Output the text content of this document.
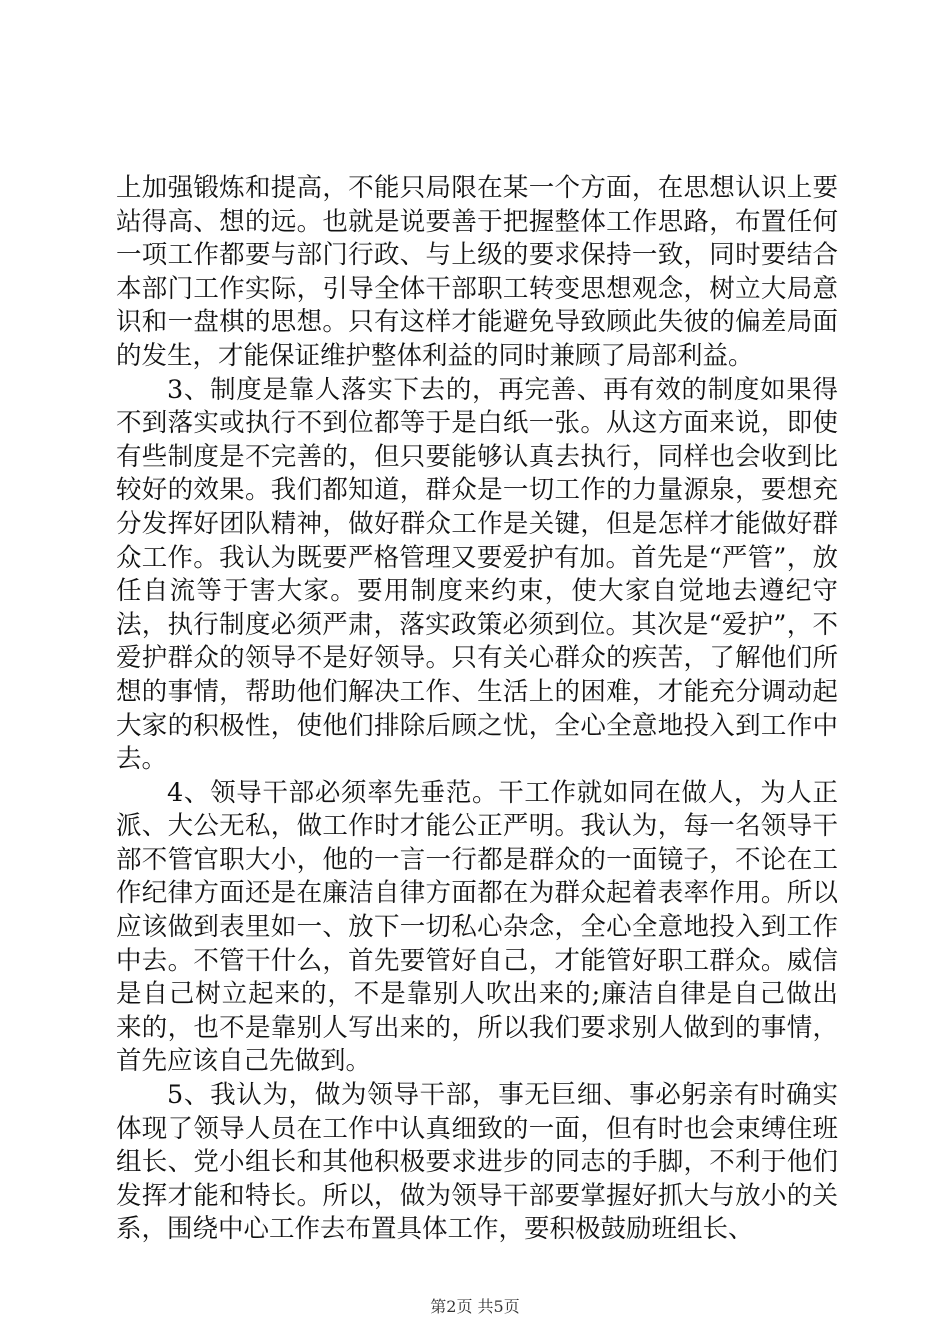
上加强锻炼和提高，不能只局限在某一个方面，在思想认识上要站得高、想的远。也就是说要善于把握整体工作思路，布置任何一项工作都要与部门行政、与上级的要求保持一致，同时要结合本部门工作实际，引导全体干部职工转变思想观念，树立大局意识和一盘棋的思想。只有这样才能避免导致顾此失彼的偏差局面的发生，才能保证维护整体利益的同时兼顾了局部利益。

3、制度是靠人落实下去的，再完善、再有效的制度如果得不到落实或执行不到位都等于是白纸一张。从这方面来说，即使有些制度是不完善的，但只要能够认真去执行，同样也会收到比较好的效果。我们都知道，群众是一切工作的力量源泉，要想充分发挥好团队精神，做好群众工作是关键，但是怎样才能做好群众工作。我认为既要严格管理又要爱护有加。首先是“严管”，放任自流等于害大家。要用制度来约束，使大家自觉地去遵纪守法，执行制度必须严肃，落实政策必须到位。其次是“爱护”，不爱护群众的领导不是好领导。只有关心群众的疾苦，了解他们所想的事情，帮助他们解决工作、生活上的困难，才能充分调动起大家的积极性，使他们排除后顾之忧，全心全意地投入到工作中去。

4、领导干部必须率先垂范。干工作就如同在做人，为人正派、大公无私，做工作时才能公正严明。我认为，每一名领导干部不管官职大小，他的一言一行都是群众的一面镜子，不论在工作纪律方面还是在廉洁自律方面都在为群众起着表率作用。所以应该做到表里如一、放下一切私心杂念，全心全意地投入到工作中去。不管干什么，首先要管好自己，才能管好职工群众。威信是自己树立起来的，不是靠别人吹出来的;廉洁自律是自己做出来的，也不是靠别人写出来的，所以我们要求别人做到的事情，首先应该自己先做到。

5、我认为，做为领导干部，事无巨细、事必躬亲有时确实体现了领导人员在工作中认真细致的一面，但有时也会束缚住班组长、党小组长和其他积极要求进步的同志的手脚，不利于他们发挥才能和特长。所以，做为领导干部要掌握好抓大与放小的关系，围绕中心工作去布置具体工作，要积极鼓励班组长、

第2页 共5页
